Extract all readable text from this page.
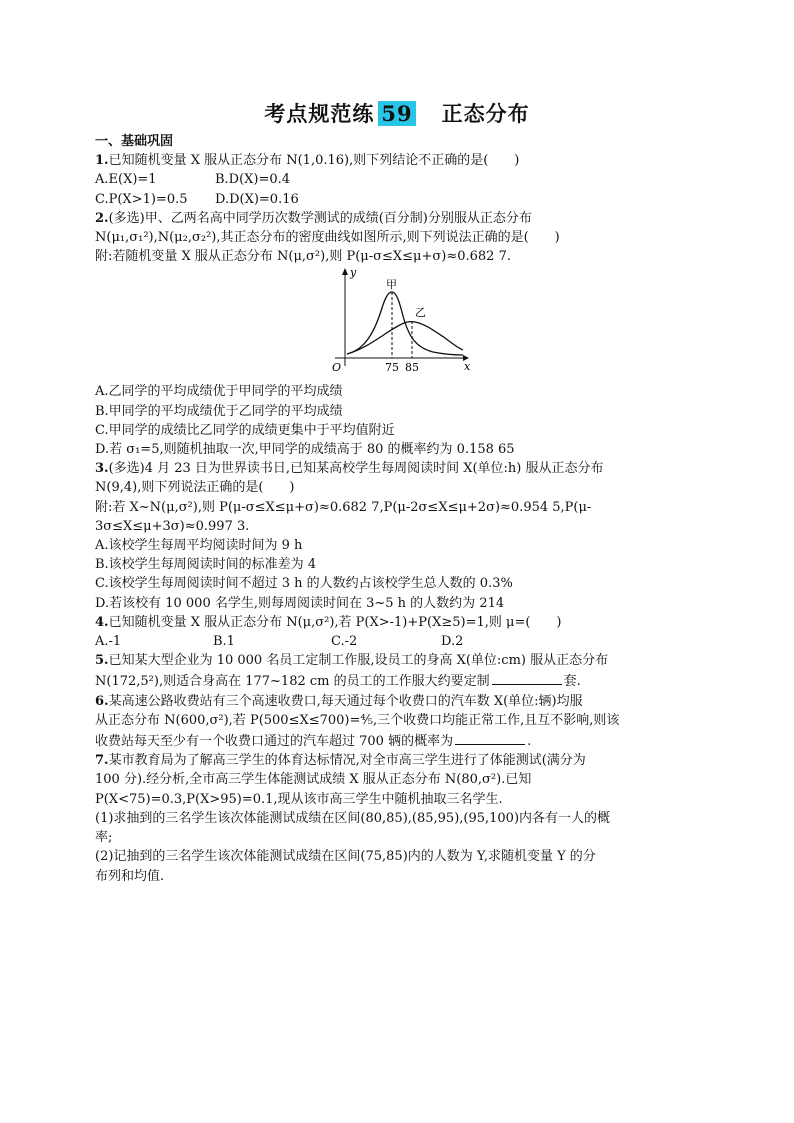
考点规范练 59　 正态分布
一、基础巩固
1.已知随机变量 X 服从正态分布 N(1,0.16),则下列结论不正确的是(　　)
A.E(X)=1	B.D(X)=0.4
C.P(X>1)=0.5	D.D(X)=0.16
2.(多选)甲、乙两名高中同学历次数学测试的成绩(百分制)分别服从正态分布
N(μ₁,σ₁²),N(μ₂,σ₂²),其正态分布的密度曲线如图所示,则下列说法正确的是(　　)
附:若随机变量 X 服从正态分布 N(μ,σ²),则 P(μ-σ≤X≤μ+σ)≈0.682 7.
甲
乙
O	x
y
75 85
A.乙同学的平均成绩优于甲同学的平均成绩
B.甲同学的平均成绩优于乙同学的平均成绩
C.甲同学的成绩比乙同学的成绩更集中于平均值附近
D.若 σ₁=5,则随机抽取一次,甲同学的成绩高于 80 的概率约为 0.158 65
3.(多选)4 月 23 日为世界读书日,已知某高校学生每周阅读时间 X(单位:h) 服从正态分布
N(9,4),则下列说法正确的是(　　)
附:若 X~N(μ,σ²),则 P(μ-σ≤X≤μ+σ)≈0.682 7,P(μ-2σ≤X≤μ+2σ)≈0.954 5,P(μ-
3σ≤X≤μ+3σ)≈0.997 3.
A.该校学生每周平均阅读时间为 9 h
B.该校学生每周阅读时间的标准差为 4
C.该校学生每周阅读时间不超过 3 h 的人数约占该校学生总人数的 0.3%
D.若该校有 10 000 名学生,则每周阅读时间在 3~5 h 的人数约为 214
4.已知随机变量 X 服从正态分布 N(μ,σ²),若 P(X>-1)+P(X≥5)=1,则 μ=(　　)
A.-1	B.1	C.-2	D.2
5.已知某大型企业为 10 000 名员工定制工作服,设员工的身高 X(单位:cm) 服从正态分布
N(172,5²),则适合身高在 177~182 cm 的员工的工作服大约要定制	套.
6.某高速公路收费站有三个高速收费口,每天通过每个收费口的汽车数 X(单位:辆)均服
从正态分布 N(600,σ²),若 P(500≤X≤700)=⅘,三个收费口均能正常工作,且互不影响,则该
收费站每天至少有一个收费口通过的汽车超过 700 辆的概率为	.
7.某市教育局为了解高三学生的体育达标情况,对全市高三学生进行了体能测试(满分为
100 分).经分析,全市高三学生体能测试成绩 X 服从正态分布 N(80,σ²).已知
P(X<75)=0.3,P(X>95)=0.1,现从该市高三学生中随机抽取三名学生.
(1)求抽到的三名学生该次体能测试成绩在区间(80,85),(85,95),(95,100)内各有一人的概
率;
(2)记抽到的三名学生该次体能测试成绩在区间(75,85)内的人数为 Y,求随机变量 Y 的分
布列和均值.
